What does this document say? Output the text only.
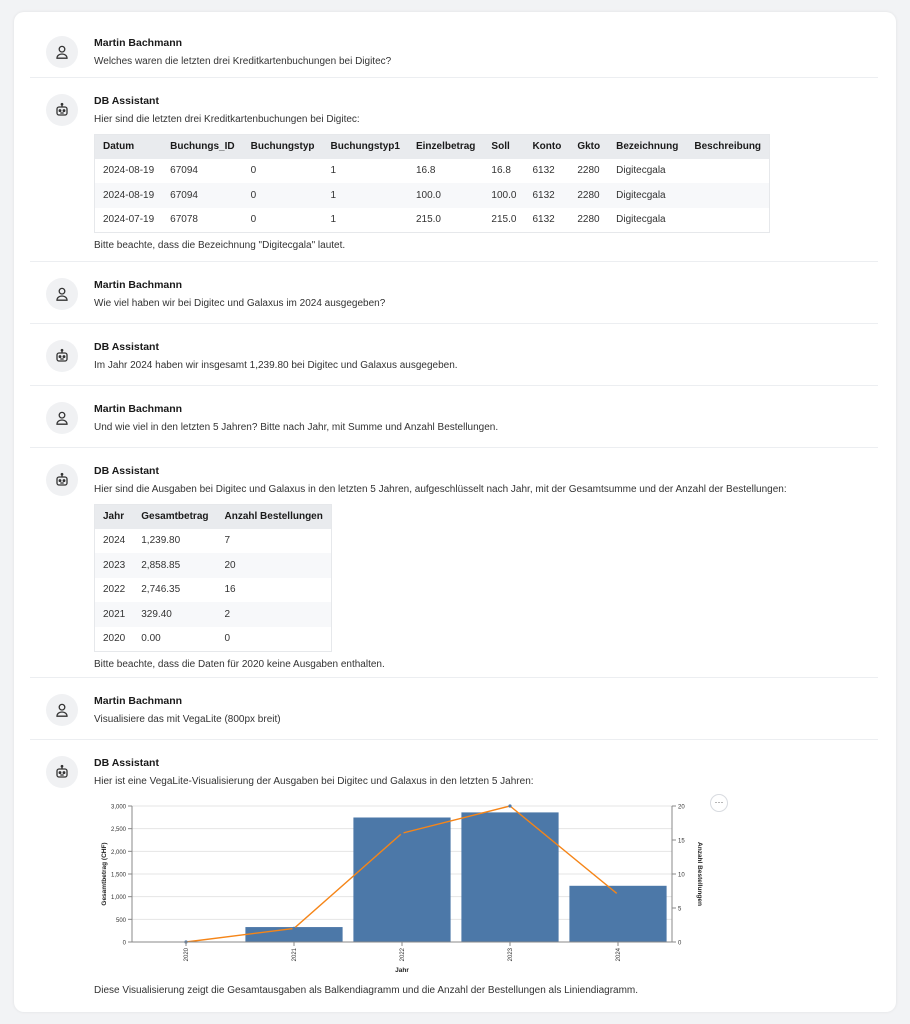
Martin Bachmann
Welches waren die letzten drei Kreditkartenbuchungen bei Digitec?
DB Assistant
Hier sind die letzten drei Kreditkartenbuchungen bei Digitec:
Datum	Buchungs_ID	Buchungstyp	Buchungstyp1	Einzelbetrag	Soll	Konto	Gkto	Bezeichnung	Beschreibung
2024-08-19	67094	0	1	16.8	16.8	6132	2280	Digitecgala	
2024-08-19	67094	0	1	100.0	100.0	6132	2280	Digitecgala	
2024-07-19	67078	0	1	215.0	215.0	6132	2280	Digitecgala	
Bitte beachte, dass die Bezeichnung "Digitecgala" lautet.
Martin Bachmann
Wie viel haben wir bei Digitec und Galaxus im 2024 ausgegeben?
DB Assistant
Im Jahr 2024 haben wir insgesamt 1,239.80 bei Digitec und Galaxus ausgegeben.
Martin Bachmann
Und wie viel in den letzten 5 Jahren? Bitte nach Jahr, mit Summe und Anzahl Bestellungen.
DB Assistant
Hier sind die Ausgaben bei Digitec und Galaxus in den letzten 5 Jahren, aufgeschlüsselt nach Jahr, mit der Gesamtsumme und der Anzahl der Bestellungen:
Jahr	Gesamtbetrag	Anzahl Bestellungen
2024	1,239.80	7
2023	2,858.85	20
2022	2,746.35	16
2021	329.40	2
2020	0.00	0
Bitte beachte, dass die Daten für 2020 keine Ausgaben enthalten.
Martin Bachmann
Visualisiere das mit VegaLite (800px breit)
DB Assistant
Hier ist eine VegaLite-Visualisierung der Ausgaben bei Digitec und Galaxus in den letzten 5 Jahren:
0
500
1,000
1,500
2,000
2,500
3,000
0
5
10
15
20
2020	2021	2022	2023	2024
Jahr
Gesamtbetrag (CHF)	Anzahl Bestellungen
···
Diese Visualisierung zeigt die Gesamtausgaben als Balkendiagramm und die Anzahl der Bestellungen als Liniendiagramm.
